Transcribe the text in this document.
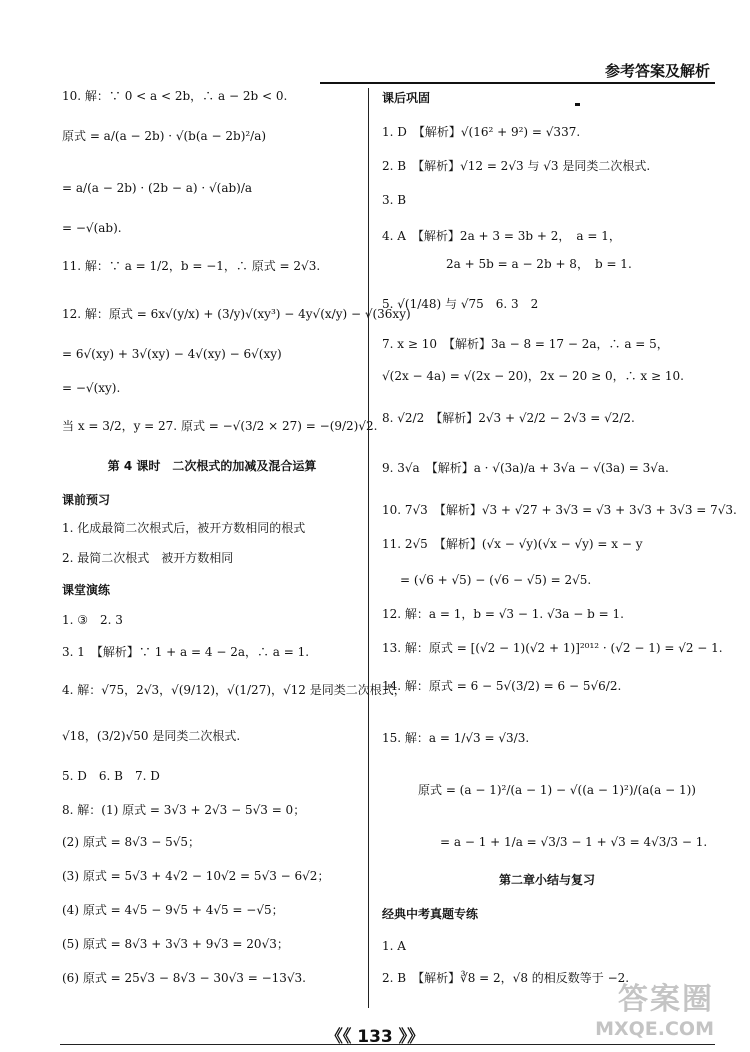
参考答案及解析
10. 解：∵ 0 < a < 2b，∴ a − 2b < 0.
原式 = a/(a − 2b) · √(b(a − 2b)²/a)
= a/(a − 2b) · (2b − a) · √(ab)/a
= −√(ab).
11. 解：∵ a = 1/2，b = −1，∴ 原式 = 2√3.
12. 解：原式 = 6x√(y/x) + (3/y)√(xy³) − 4y√(x/y) − √(36xy)
= 6√(xy) + 3√(xy) − 4√(xy) − 6√(xy)
= −√(xy).
当 x = 3/2，y = 27. 原式 = −√(3/2 × 27) = −(9/2)√2.
第 4 课时　二次根式的加减及混合运算
课前预习
1. 化成最简二次根式后，被开方数相同的根式
2. 最简二次根式　被开方数相同
课堂演练
1. ③　2. 3
3. 1　【解析】∵ 1 + a = 4 − 2a，∴ a = 1.
4. 解：√75，2√3，√(9/12)，√(1/27)，√12 是同类二次根式，
√18，(3/2)√50 是同类二次根式.
5. D　6. B　7. D
8. 解：(1) 原式 = 3√3 + 2√3 − 5√3 = 0；
(2) 原式 = 8√3 − 5√5；
(3) 原式 = 5√3 + 4√2 − 10√2 = 5√3 − 6√2；
(4) 原式 = 4√5 − 9√5 + 4√5 = −√5；
(5) 原式 = 8√3 + 3√3 + 9√3 = 20√3；
(6) 原式 = 25√3 − 8√3 − 30√3 = −13√3.
课后巩固
1. D　【解析】√(16² + 9²) = √337.
2. B　【解析】√12 = 2√3 与 √3 是同类二次根式.
3. B
4. A　【解析】2a + 3 = 3b + 2，　a = 1，
2a + 5b = a − 2b + 8，　b = 1.
5. √(1/48) 与 √75　6. 3　2
7. x ≥ 10　【解析】3a − 8 = 17 − 2a，∴ a = 5，
√(2x − 4a) = √(2x − 20)，2x − 20 ≥ 0，∴ x ≥ 10.
8. √2/2　【解析】2√3 + √2/2 − 2√3 = √2/2.
9. 3√a　【解析】a · √(3a)/a + 3√a − √(3a) = 3√a.
10. 7√3　【解析】√3 + √27 + 3√3 = √3 + 3√3 + 3√3 = 7√3.
11. 2√5　【解析】(√x − √y)(√x − √y) = x − y
= (√6 + √5) − (√6 − √5) = 2√5.
12. 解：a = 1，b = √3 − 1. √3a − b = 1.
13. 解：原式 = [(√2 − 1)(√2 + 1)]²⁰¹² · (√2 − 1) = √2 − 1.
14. 解：原式 = 6 − 5√(3/2) = 6 − 5√6/2.
15. 解：a = 1/√3 = √3/3.
原式 = (a − 1)²/(a − 1) − √((a − 1)²)/(a(a − 1))
= a − 1 + 1/a = √3/3 − 1 + √3 = 4√3/3 − 1.
第二章小结与复习
经典中考真题专练
1. A
2. B　【解析】∛8 = 2，√8 的相反数等于 −2.
《《 133 》》
答案圈
MXQE.COM
